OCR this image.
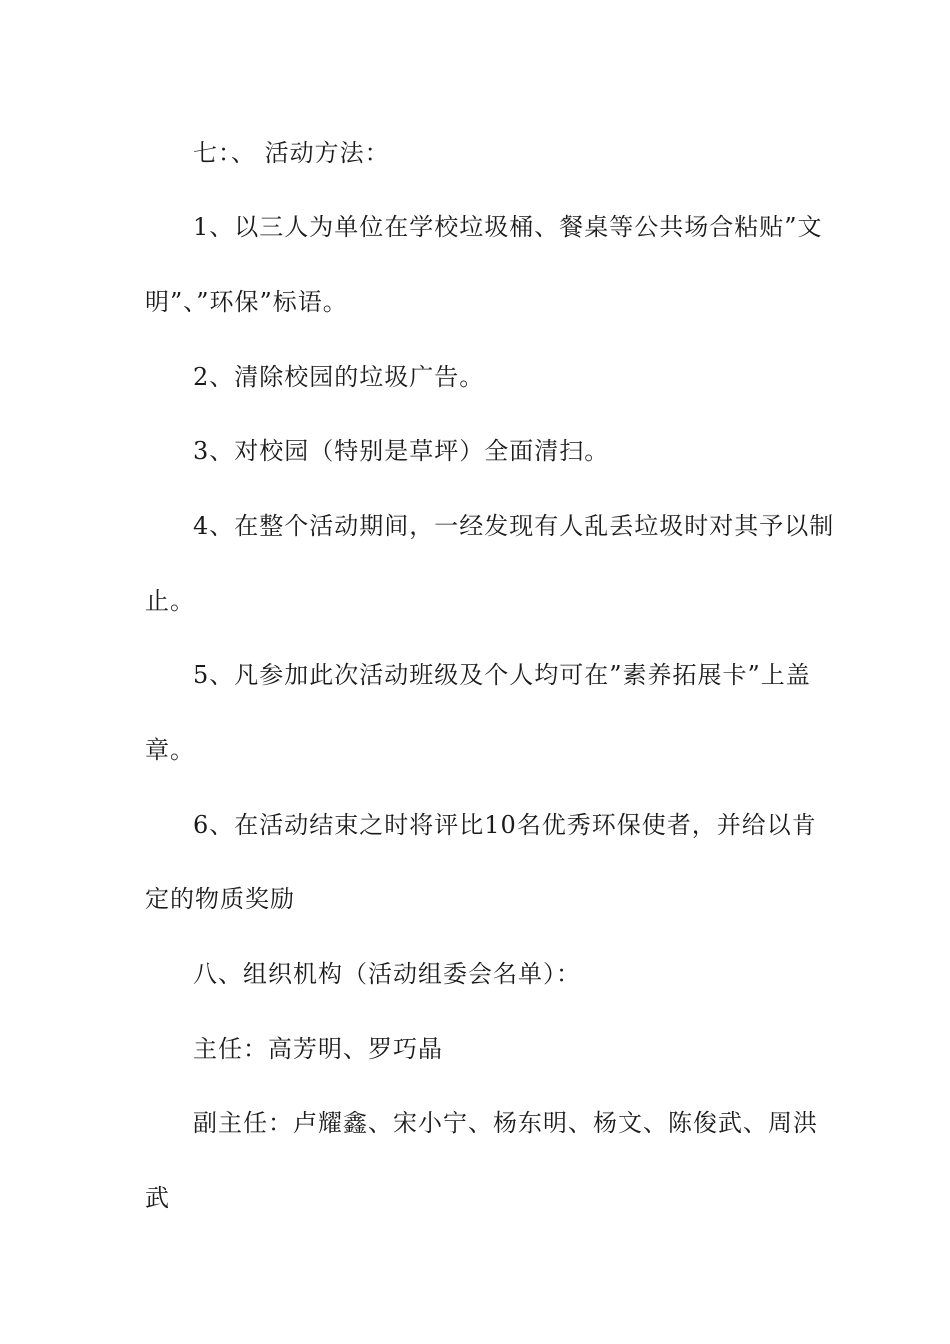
七：、 活动方法：
1、以三人为单位在学校垃圾桶、餐桌等公共场合粘贴”文
明”、”环保”标语。
2、清除校园的垃圾广告。
3、对校园（特别是草坪）全面清扫。
4、在整个活动期间，一经发现有人乱丢垃圾时对其予以制
止。
5、凡参加此次活动班级及个人均可在”素养拓展卡”上盖
章。
6、在活动结束之时将评比10名优秀环保使者，并给以肯
定的物质奖励
八、组织机构（活动组委会名单）：
主任：高芳明、罗巧晶
副主任：卢耀鑫、宋小宁、杨东明、杨文、陈俊武、周洪
武
